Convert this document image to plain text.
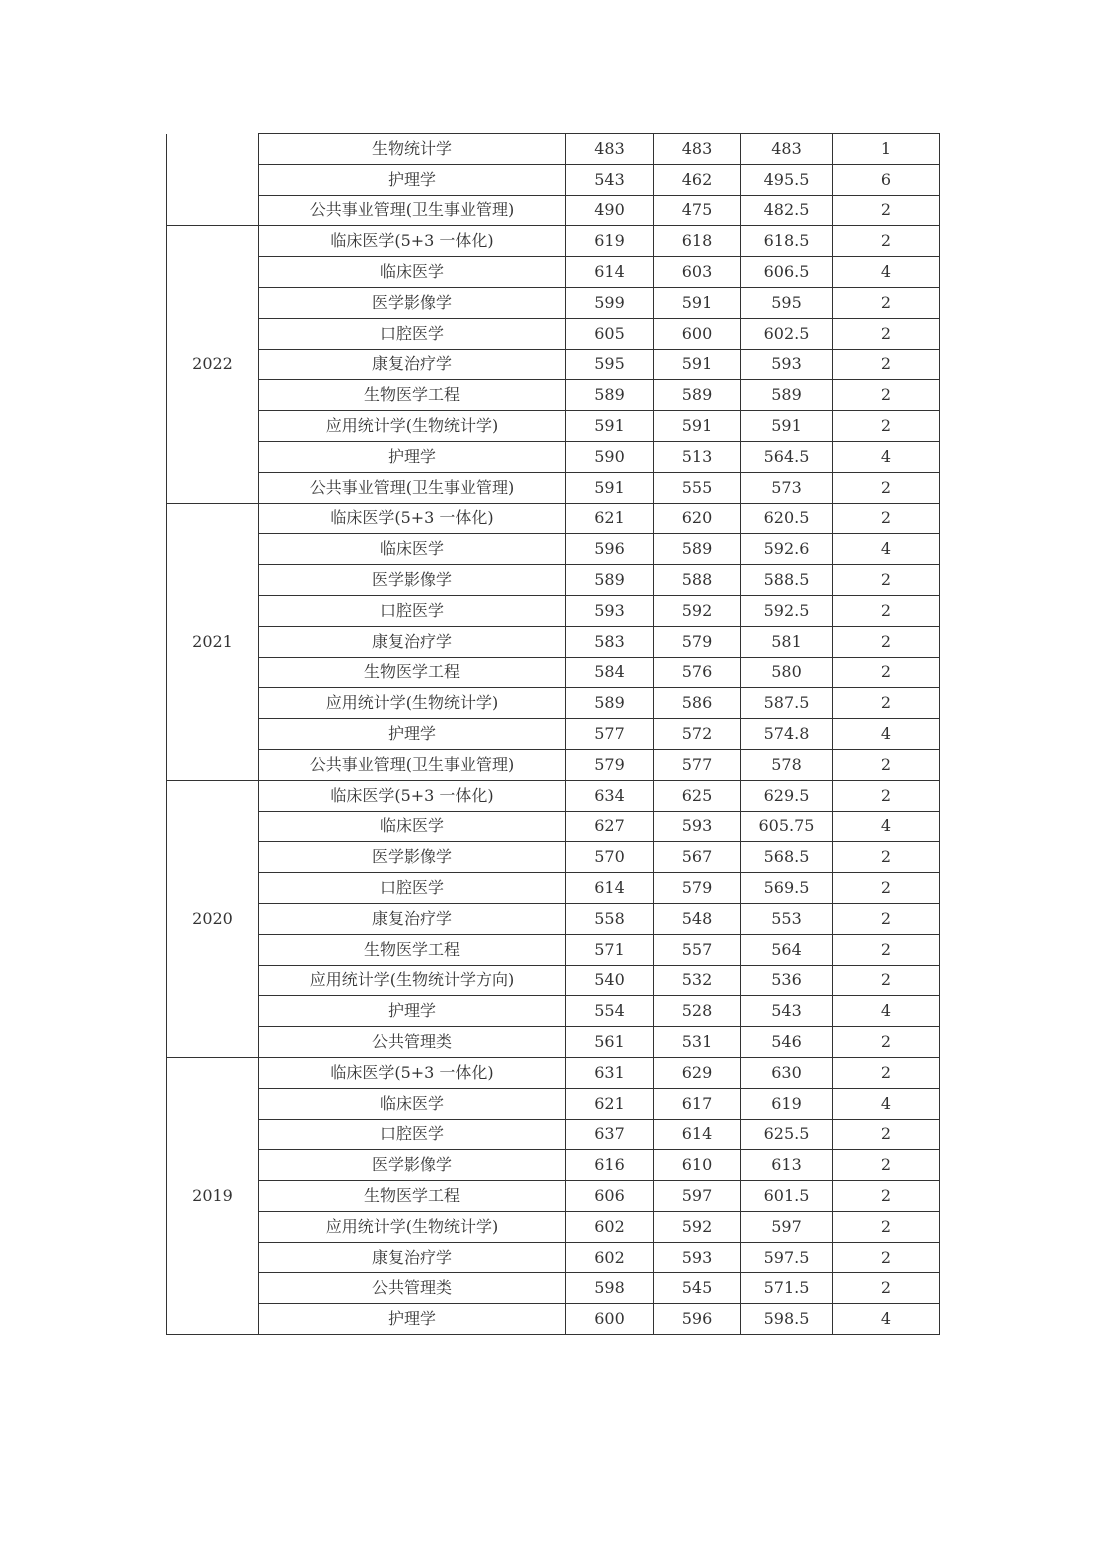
	生物统计学	483	483	483	1
	护理学	543	462	495.5	6
	公共事业管理(卫生事业管理)	490	475	482.5	2
2022	临床医学(5+3 一体化)	619	618	618.5	2
	临床医学	614	603	606.5	4
	医学影像学	599	591	595	2
	口腔医学	605	600	602.5	2
	康复治疗学	595	591	593	2
	生物医学工程	589	589	589	2
	应用统计学(生物统计学)	591	591	591	2
	护理学	590	513	564.5	4
	公共事业管理(卫生事业管理)	591	555	573	2
2021	临床医学(5+3 一体化)	621	620	620.5	2
	临床医学	596	589	592.6	4
	医学影像学	589	588	588.5	2
	口腔医学	593	592	592.5	2
	康复治疗学	583	579	581	2
	生物医学工程	584	576	580	2
	应用统计学(生物统计学)	589	586	587.5	2
	护理学	577	572	574.8	4
	公共事业管理(卫生事业管理)	579	577	578	2
2020	临床医学(5+3 一体化)	634	625	629.5	2
	临床医学	627	593	605.75	4
	医学影像学	570	567	568.5	2
	口腔医学	614	579	569.5	2
	康复治疗学	558	548	553	2
	生物医学工程	571	557	564	2
	应用统计学(生物统计学方向)	540	532	536	2
	护理学	554	528	543	4
	公共管理类	561	531	546	2
2019	临床医学(5+3 一体化)	631	629	630	2
	临床医学	621	617	619	4
	口腔医学	637	614	625.5	2
	医学影像学	616	610	613	2
	生物医学工程	606	597	601.5	2
	应用统计学(生物统计学)	602	592	597	2
	康复治疗学	602	593	597.5	2
	公共管理类	598	545	571.5	2
	护理学	600	596	598.5	4
